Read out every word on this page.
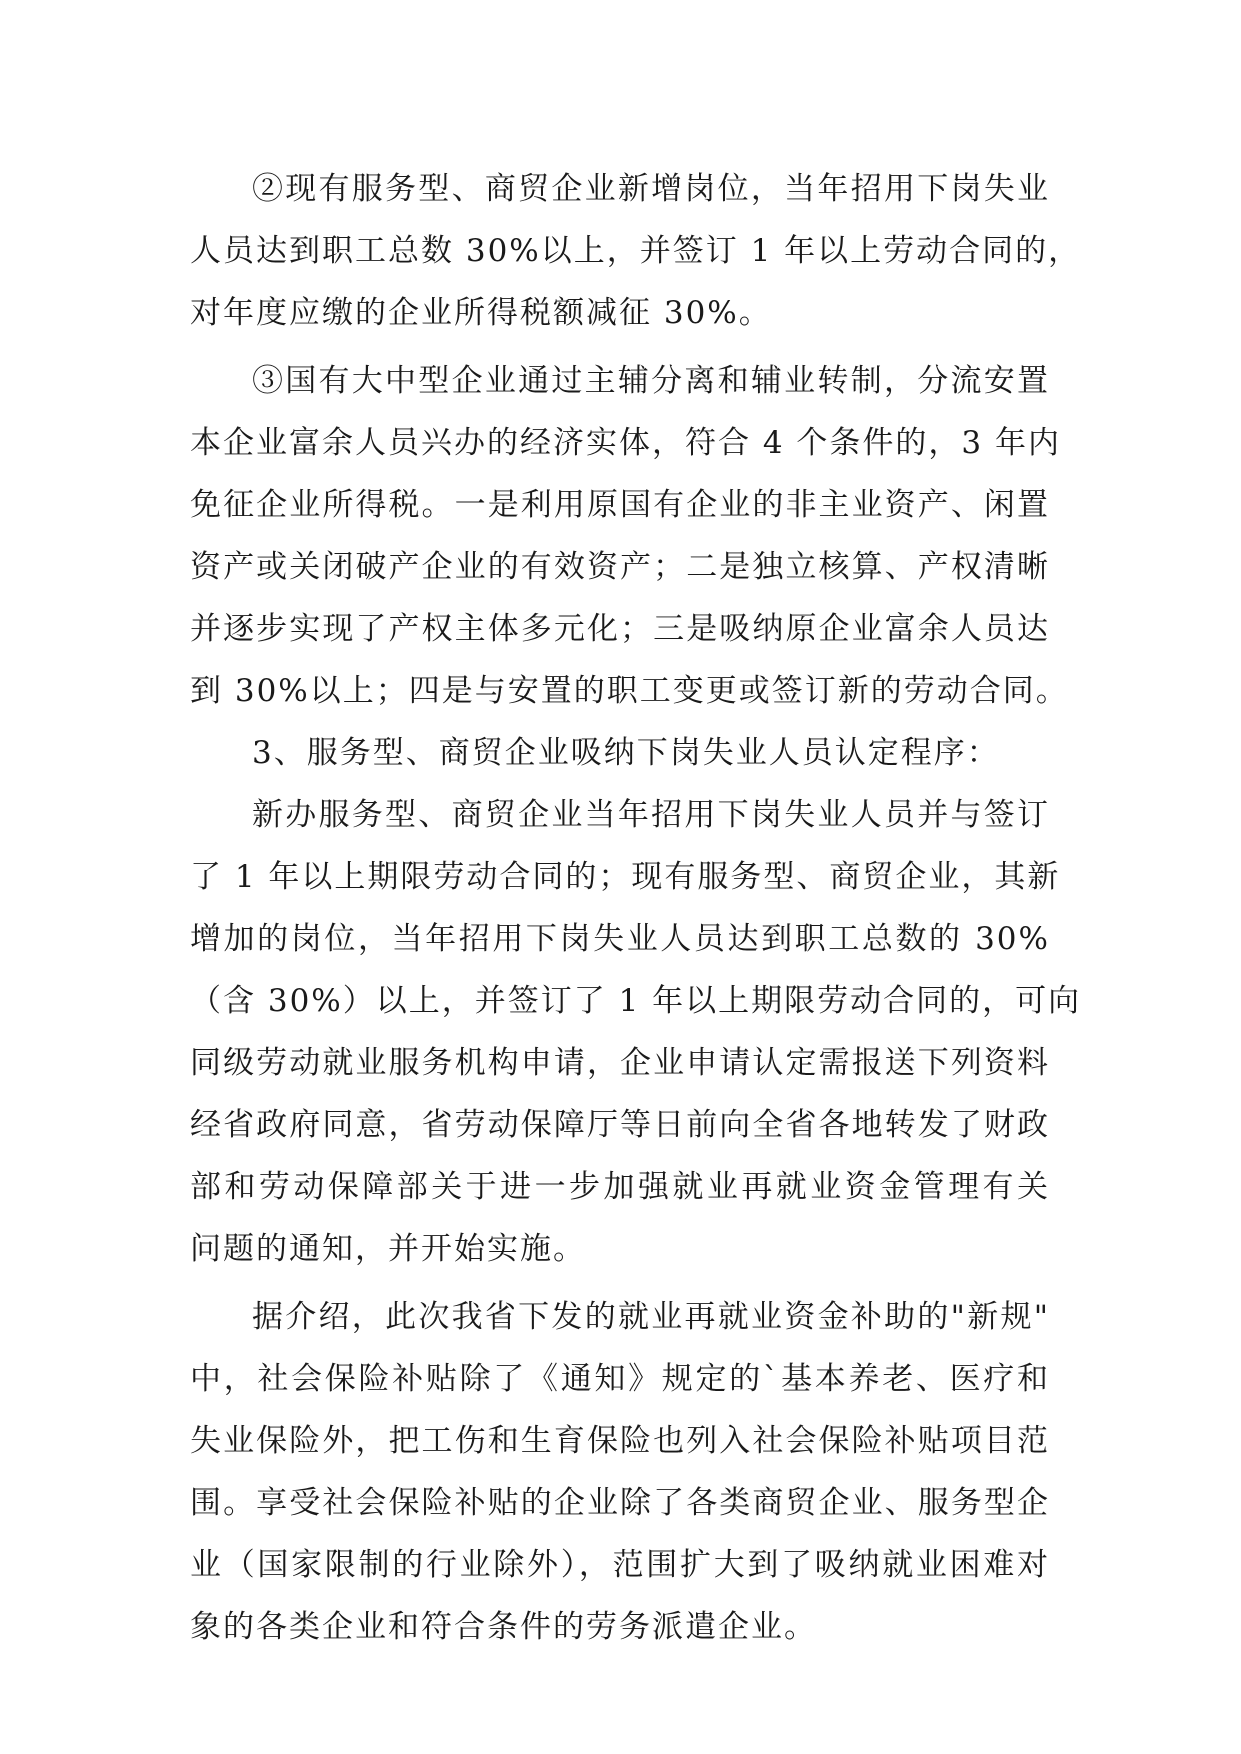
②现有服务型、商贸企业新增岗位，当年招用下岗失业
人员达到职工总数 30%以上，并签订 1 年以上劳动合同的，
对年度应缴的企业所得税额减征 30%。
③国有大中型企业通过主辅分离和辅业转制，分流安置
本企业富余人员兴办的经济实体，符合 4 个条件的，3 年内
免征企业所得税。一是利用原国有企业的非主业资产、闲置
资产或关闭破产企业的有效资产；二是独立核算、产权清晰
并逐步实现了产权主体多元化；三是吸纳原企业富余人员达
到 30%以上；四是与安置的职工变更或签订新的劳动合同。
3、服务型、商贸企业吸纳下岗失业人员认定程序：
新办服务型、商贸企业当年招用下岗失业人员并与签订
了 1 年以上期限劳动合同的；现有服务型、商贸企业，其新
增加的岗位，当年招用下岗失业人员达到职工总数的 30%
（含 30%）以上，并签订了 1 年以上期限劳动合同的，可向
同级劳动就业服务机构申请，企业申请认定需报送下列资料
经省政府同意，省劳动保障厅等日前向全省各地转发了财政
部和劳动保障部关于进一步加强就业再就业资金管理有关
问题的通知，并开始实施。
据介绍，此次我省下发的就业再就业资金补助的"新规"
中，社会保险补贴除了《通知》规定的`基本养老、医疗和
失业保险外，把工伤和生育保险也列入社会保险补贴项目范
围。享受社会保险补贴的企业除了各类商贸企业、服务型企
业（国家限制的行业除外），范围扩大到了吸纳就业困难对
象的各类企业和符合条件的劳务派遣企业。
